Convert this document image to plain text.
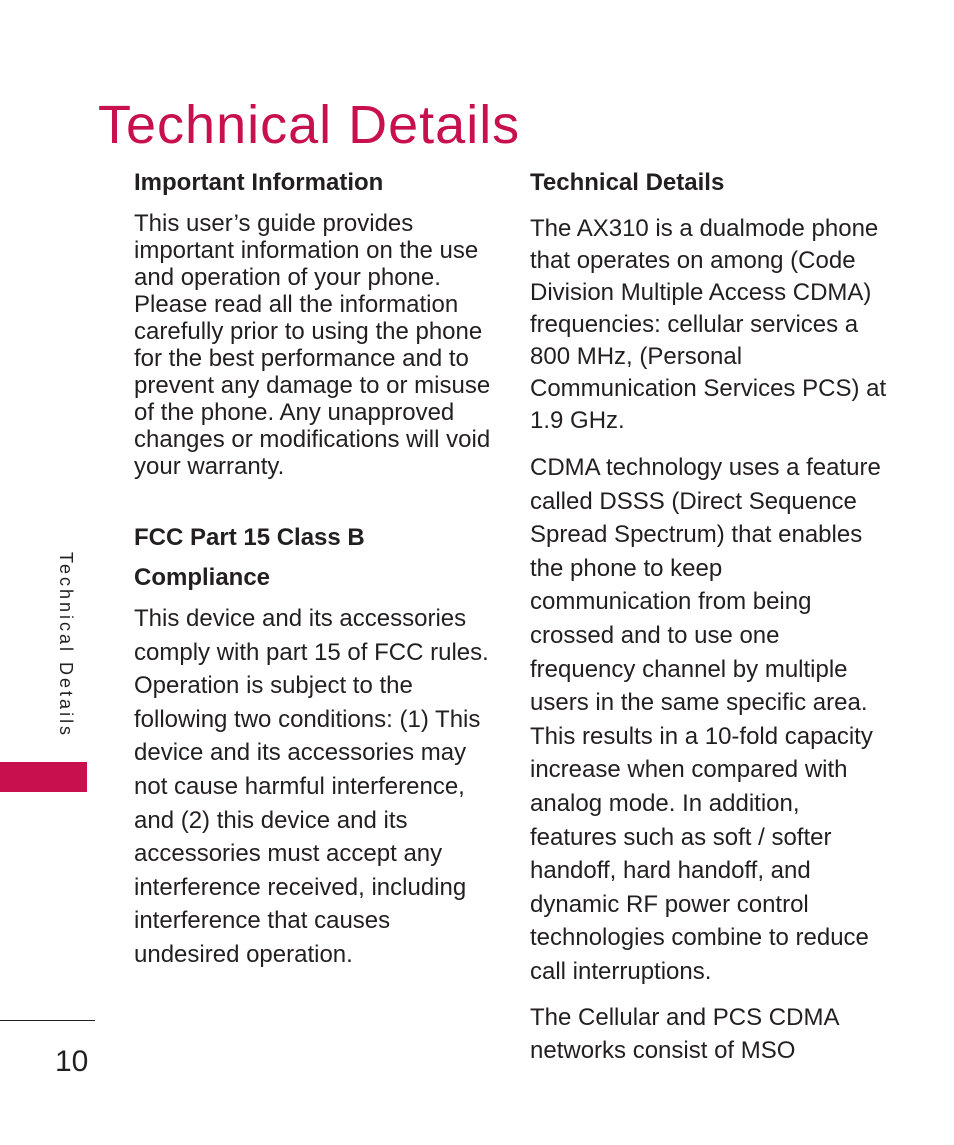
Technical Details
Important Information

This user’s guide provides important information on the use and operation of your phone. Please read all the information carefully prior to using the phone for the best performance and to prevent any damage to or misuse of the phone. Any unapproved changes or modifications will void your warranty.

FCC Part 15 Class B Compliance

This device and its accessories comply with part 15 of FCC rules. Operation is subject to the following two conditions: (1) This device and its accessories may not cause harmful interference, and (2) this device and its accessories must accept any interference received, including interference that causes undesired operation.

Technical Details

The AX310 is a dualmode phone that operates on among (Code Division Multiple Access CDMA) frequencies: cellular services a 800 MHz, (Personal Communication Services PCS) at 1.9 GHz.

CDMA technology uses a feature called DSSS (Direct Sequence Spread Spectrum) that enables the phone to keep communication from being crossed and to use one frequency channel by multiple users in the same specific area. This results in a 10-fold capacity increase when compared with analog mode. In addition, features such as soft / softer handoff, hard handoff, and dynamic RF power control technologies combine to reduce call interruptions.

The Cellular and PCS CDMA networks consist of MSO

Technical Details
10
